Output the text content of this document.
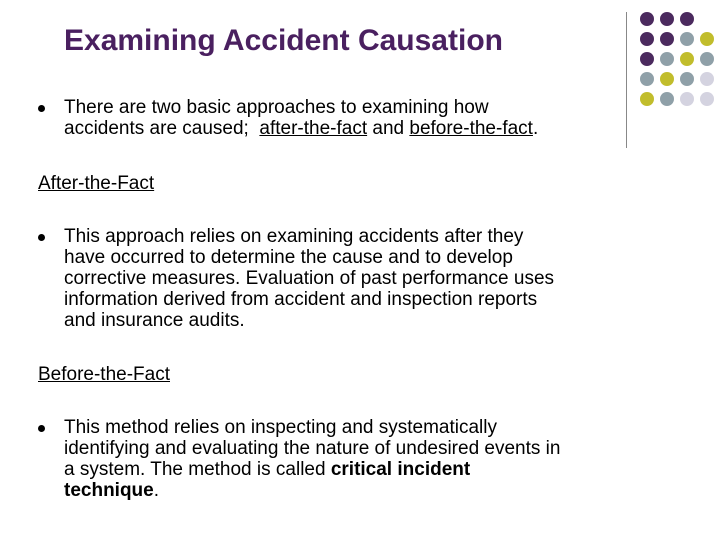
Examining Accident Causation
There are two basic approaches to examining how
accidents are caused;  after-the-fact and before-the-fact.
After-the-Fact
This approach relies on examining accidents after they
have occurred to determine the cause and to develop
corrective measures. Evaluation of past performance uses
information derived from accident and inspection reports
and insurance audits.
Before-the-Fact
This method relies on inspecting and systematically
identifying and evaluating the nature of undesired events in
a system. The method is called critical incident
technique.
